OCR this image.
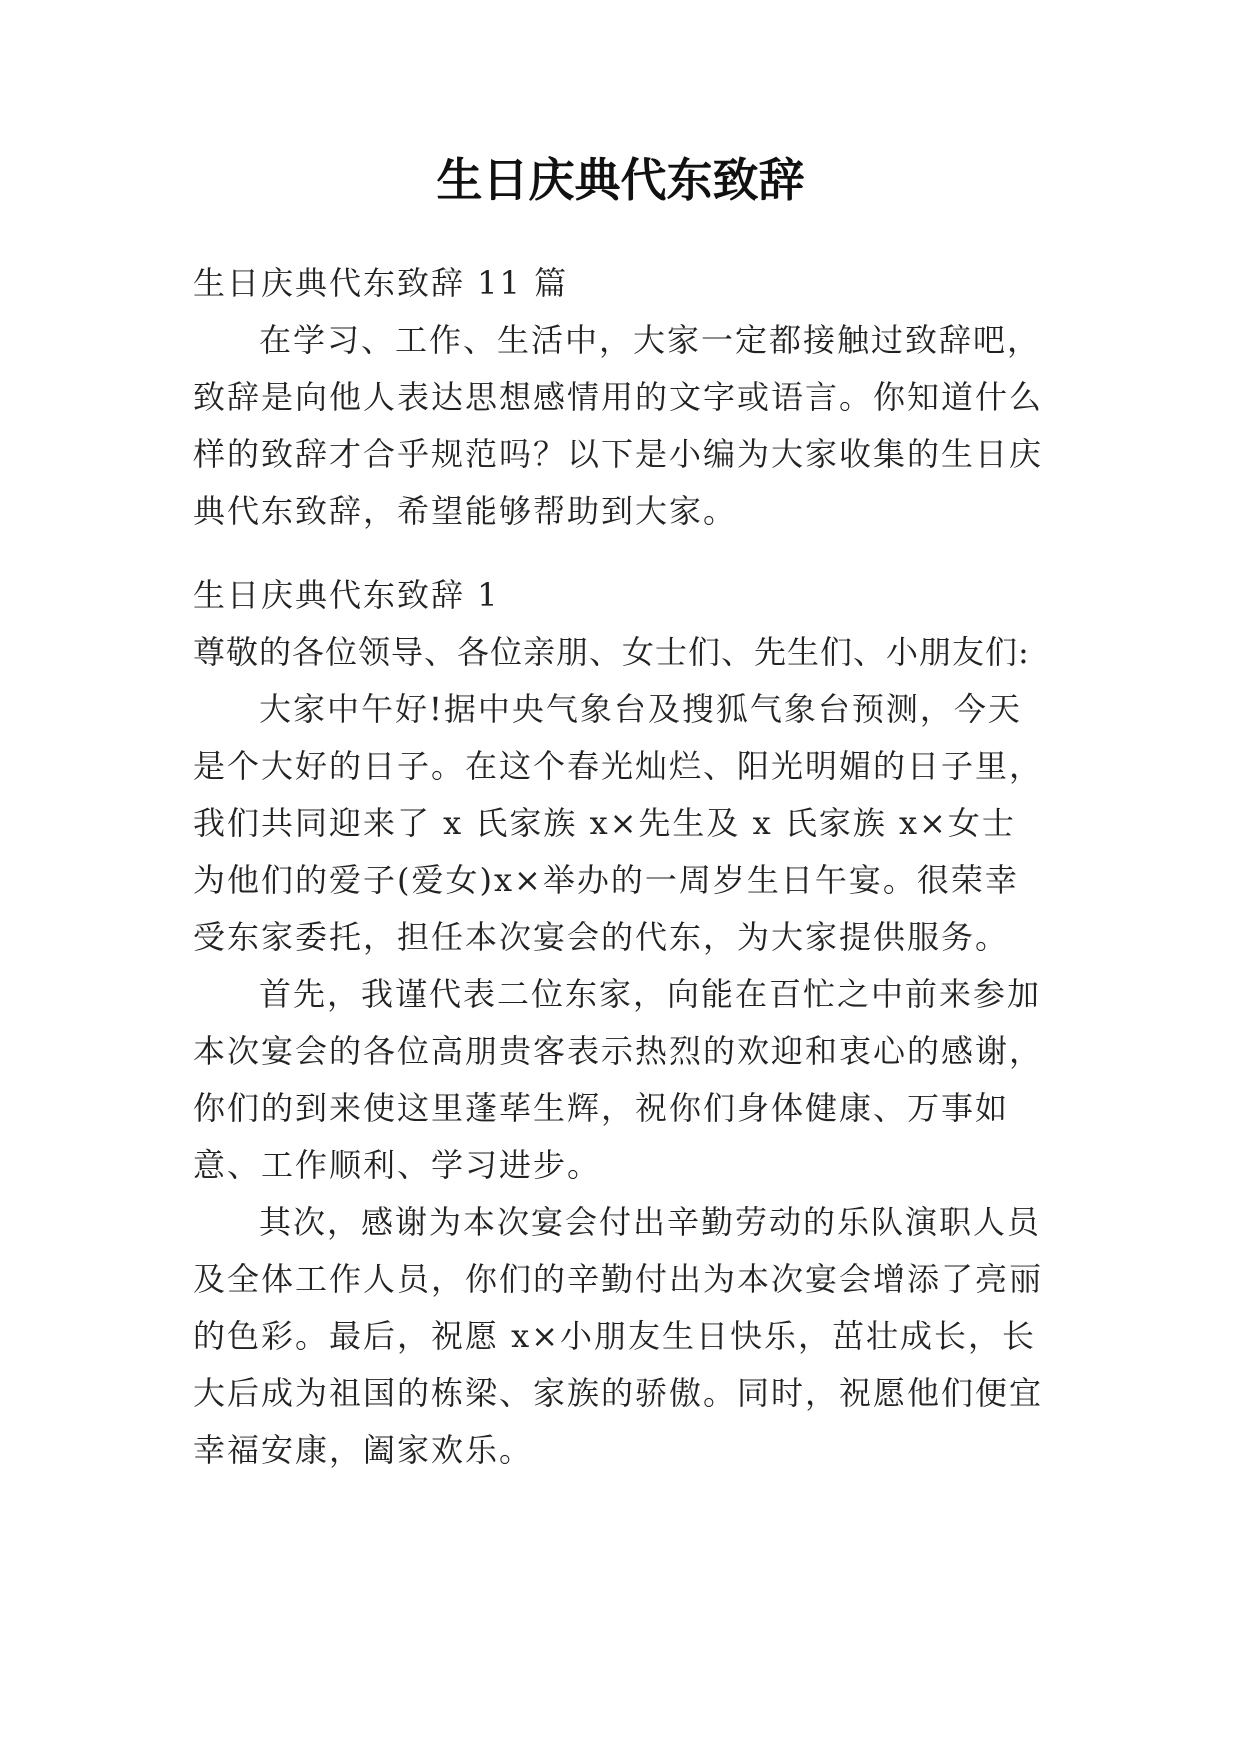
生日庆典代东致辞

生日庆典代东致辞 11 篇

在学习、工作、生活中，大家一定都接触过致辞吧，致辞是向他人表达思想感情用的文字或语言。你知道什么样的致辞才合乎规范吗？以下是小编为大家收集的生日庆典代东致辞，希望能够帮助到大家。

生日庆典代东致辞 1

尊敬的各位领导、各位亲朋、女士们、先生们、小朋友们:

大家中午好!据中央气象台及搜狐气象台预测，今天是个大好的日子。在这个春光灿烂、阳光明媚的日子里，我们共同迎来了 x 氏家族 x×先生及 x 氏家族 x×女士为他们的爱子(爱女)x×举办的一周岁生日午宴。很荣幸受东家委托，担任本次宴会的代东，为大家提供服务。

首先，我谨代表二位东家，向能在百忙之中前来参加本次宴会的各位高朋贵客表示热烈的欢迎和衷心的感谢，你们的到来使这里蓬荜生辉，祝你们身体健康、万事如意、工作顺利、学习进步。

其次，感谢为本次宴会付出辛勤劳动的乐队演职人员及全体工作人员，你们的辛勤付出为本次宴会增添了亮丽的色彩。最后，祝愿 x×小朋友生日快乐，茁壮成长，长大后成为祖国的栋梁、家族的骄傲。同时，祝愿他们便宜幸福安康，阖家欢乐。
